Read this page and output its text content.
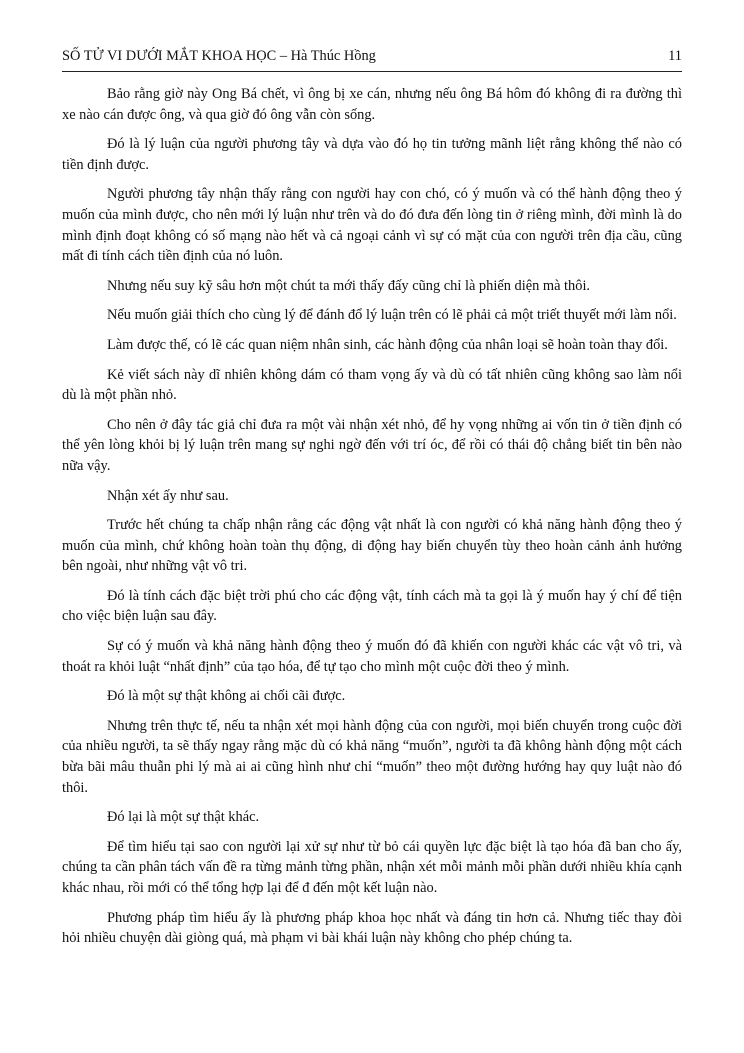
SỐ TỬ VI DƯỚI MẮT KHOA HỌC – Hà Thúc Hồng	11

Bảo rằng giờ này Ong Bá chết, vì ông bị xe cán, nhưng nếu ông Bá hôm đó không đi ra đường thì xe nào cán được ông, và qua giờ đó ông vẫn còn sống.

Đó là lý luận của người phương tây và dựa vào đó họ tin tưởng mãnh liệt rằng không thể nào có tiền định được.

Người phương tây nhận thấy rằng con người hay con chó, có ý muốn và có thể hành động theo ý muốn của mình được, cho nên mới lý luận như trên và do đó đưa đến lòng tin ở riêng mình, đời mình là do mình định đoạt không có số mạng nào hết và cả ngoại cảnh vì sự có mặt của con người trên địa cầu, cũng mất đi tính cách tiền định của nó luôn.

Nhưng nếu suy kỹ sâu hơn một chút ta mới thấy đấy cũng chỉ là phiến diện mà thôi.

Nếu muốn giải thích cho cùng lý để đánh đổ lý luận trên có lẽ phải cả một triết thuyết mới làm nổi.

Làm được thế, có lẽ các quan niệm nhân sinh, các hành động của nhân loại sẽ hoàn toàn thay đổi.

Kẻ viết sách này dĩ nhiên không dám có tham vọng ấy và dù có tất nhiên cũng không sao làm nổi dù là một phần nhỏ.

Cho nên ở đây tác giả chỉ đưa ra một vài nhận xét nhỏ, để hy vọng những ai vốn tin ở tiền định có thể yên lòng khỏi bị lý luận trên mang sự nghi ngờ đến với trí óc, để rồi có thái độ chẳng biết tin bên nào nữa vậy.

Nhận xét ấy như sau.

Trước hết chúng ta chấp nhận rằng các động vật nhất là con người có khả năng hành động theo ý muốn của mình, chứ không hoàn toàn thụ động, di động hay biến chuyển tùy theo hoàn cảnh ảnh hưởng bên ngoài, như những vật vô tri.

Đó là tính cách đặc biệt trời phú cho các động vật, tính cách mà ta gọi là ý muốn hay ý chí để tiện cho việc biện luận sau đây.

Sự có ý muốn và khả năng hành động theo ý muốn đó đã khiến con người khác các vật vô tri, và thoát ra khỏi luật “nhất định” của tạo hóa, để tự tạo cho mình một cuộc đời theo ý mình.

Đó là một sự thật không ai chối cãi được.

Nhưng trên thực tế, nếu ta nhận xét mọi hành động của con người, mọi biến chuyển trong cuộc đời của nhiều người, ta sẽ thấy ngay rằng mặc dù có khả năng “muốn”, người ta đã không hành động một cách bừa bãi mâu thuẫn phi lý mà ai ai cũng hình như chỉ “muốn” theo một đường hướng hay quy luật nào đó thôi.

Đó lại là một sự thật khác.

Để tìm hiểu tại sao con người lại xử sự như từ bỏ cái quyền lực đặc biệt là tạo hóa đã ban cho ấy, chúng ta cần phân tách vấn đề ra từng mảnh từng phần, nhận xét mỗi mảnh mỗi phần dưới nhiều khía cạnh khác nhau, rồi mới có thể tổng hợp lại để đ đến một kết luận nào.

Phương pháp tìm hiểu ấy là phương pháp khoa học nhất và đáng tin hơn cả. Nhưng tiếc thay đòi hỏi nhiều chuyện dài giòng quá, mà phạm vi bài khái luận này không cho phép chúng ta.
